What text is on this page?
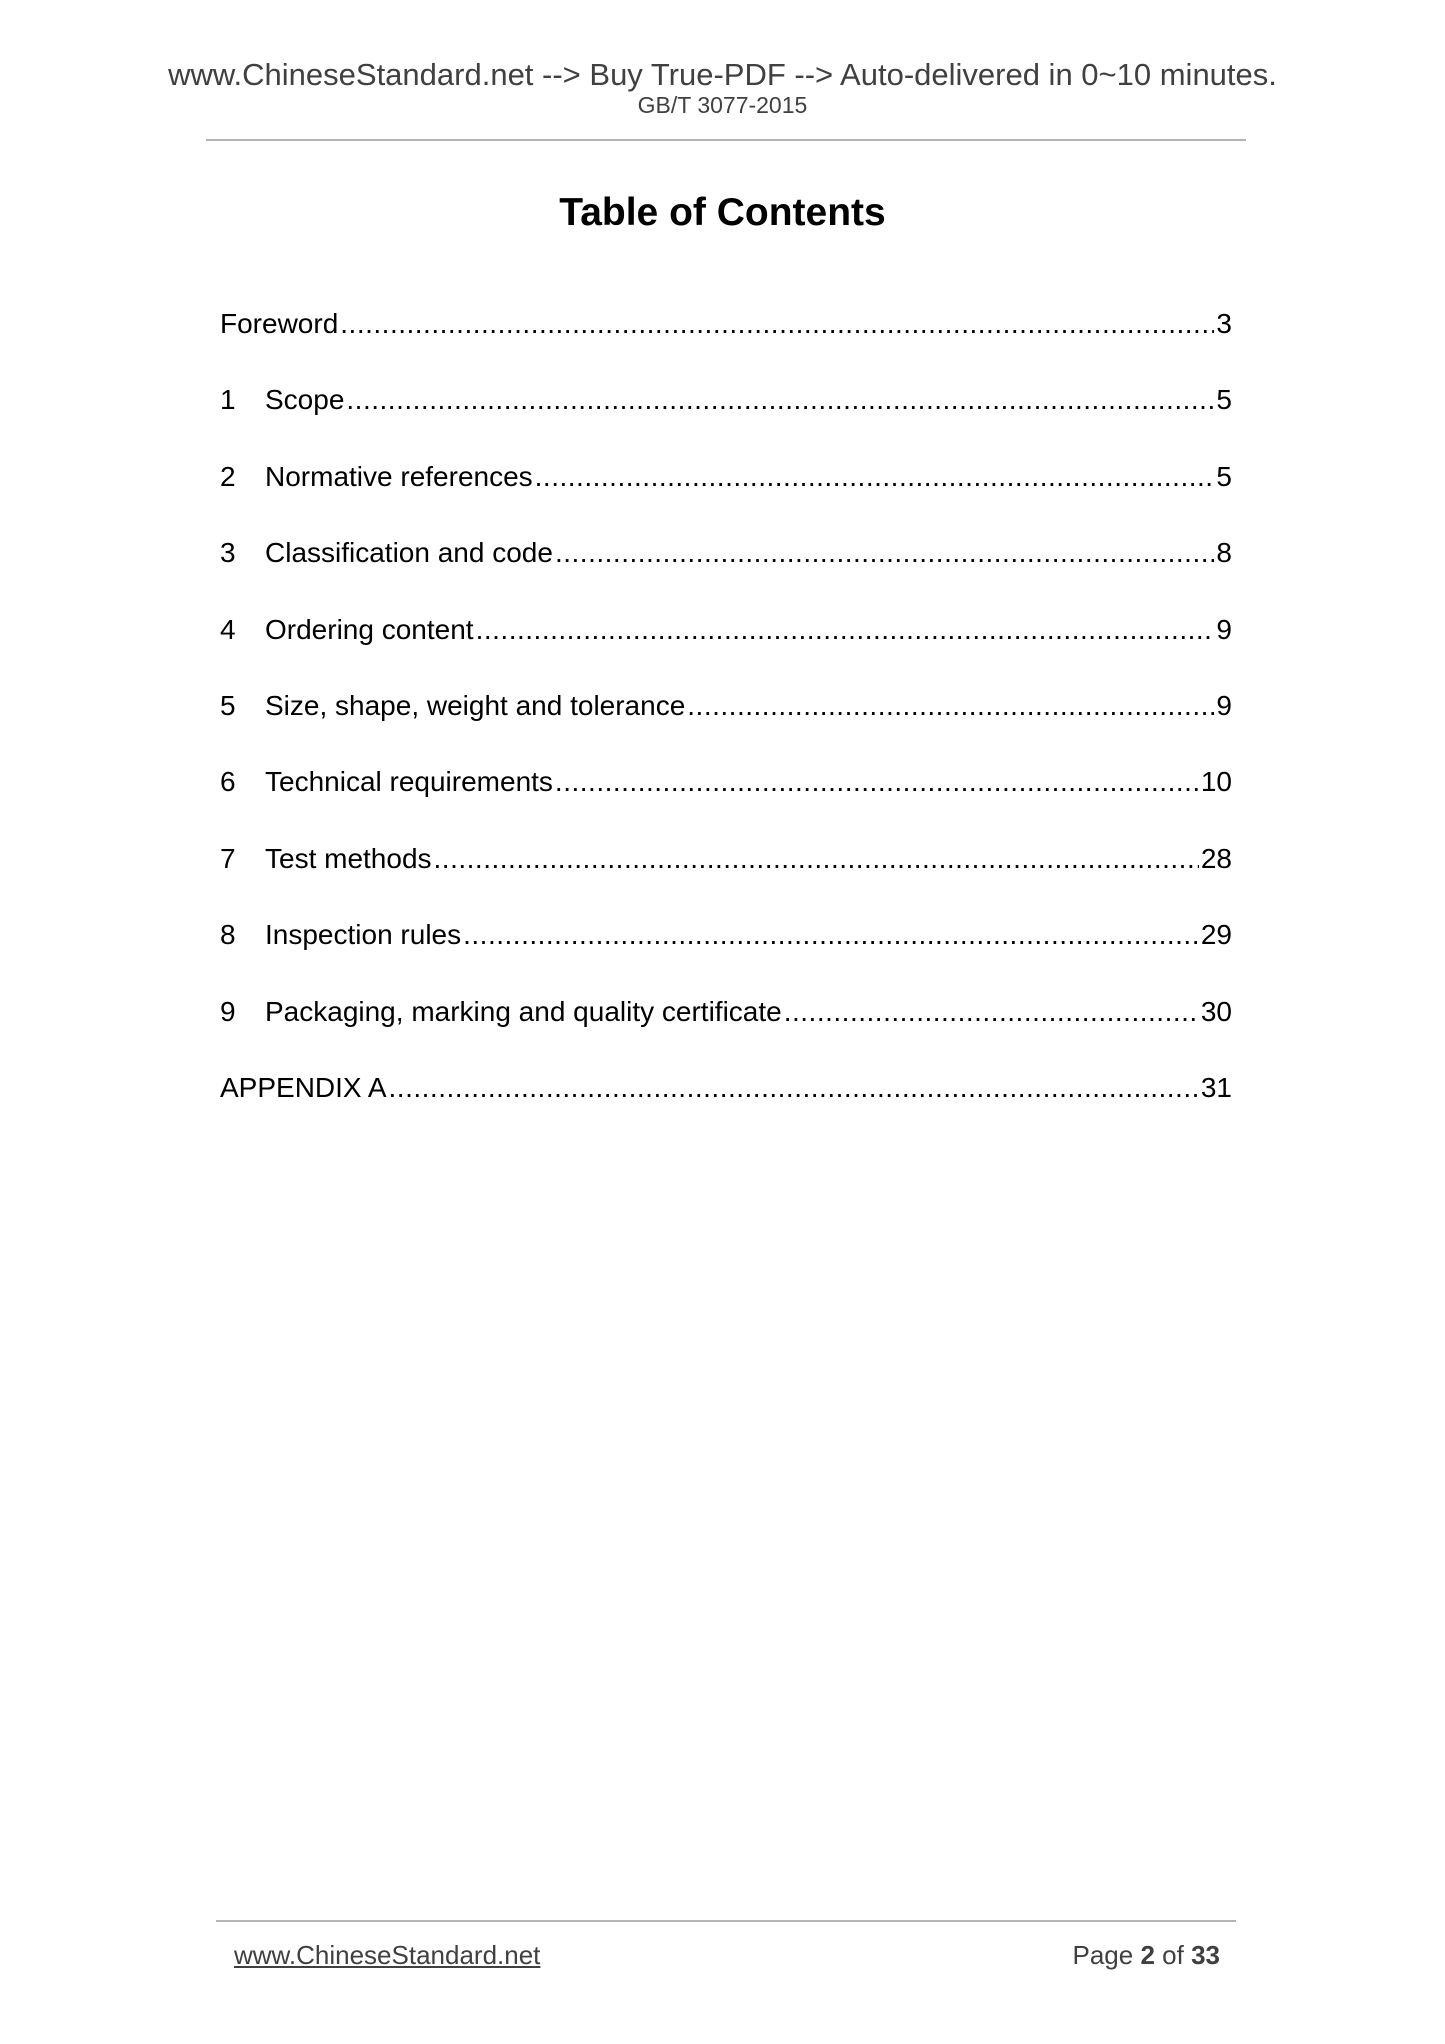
www.ChineseStandard.net --> Buy True-PDF --> Auto-delivered in 0~10 minutes.
GB/T 3077-2015
Table of Contents
Foreword .....	3
1	Scope .....	5
2	Normative references .....	5
3	Classification and code .....	8
4	Ordering content .....	9
5	Size, shape, weight and tolerance .....	9
6	Technical requirements .....	10
7	Test methods .....	28
8	Inspection rules .....	29
9	Packaging, marking and quality certificate .....	30
APPENDIX A .....	31
www.ChineseStandard.net	Page 2 of 33
